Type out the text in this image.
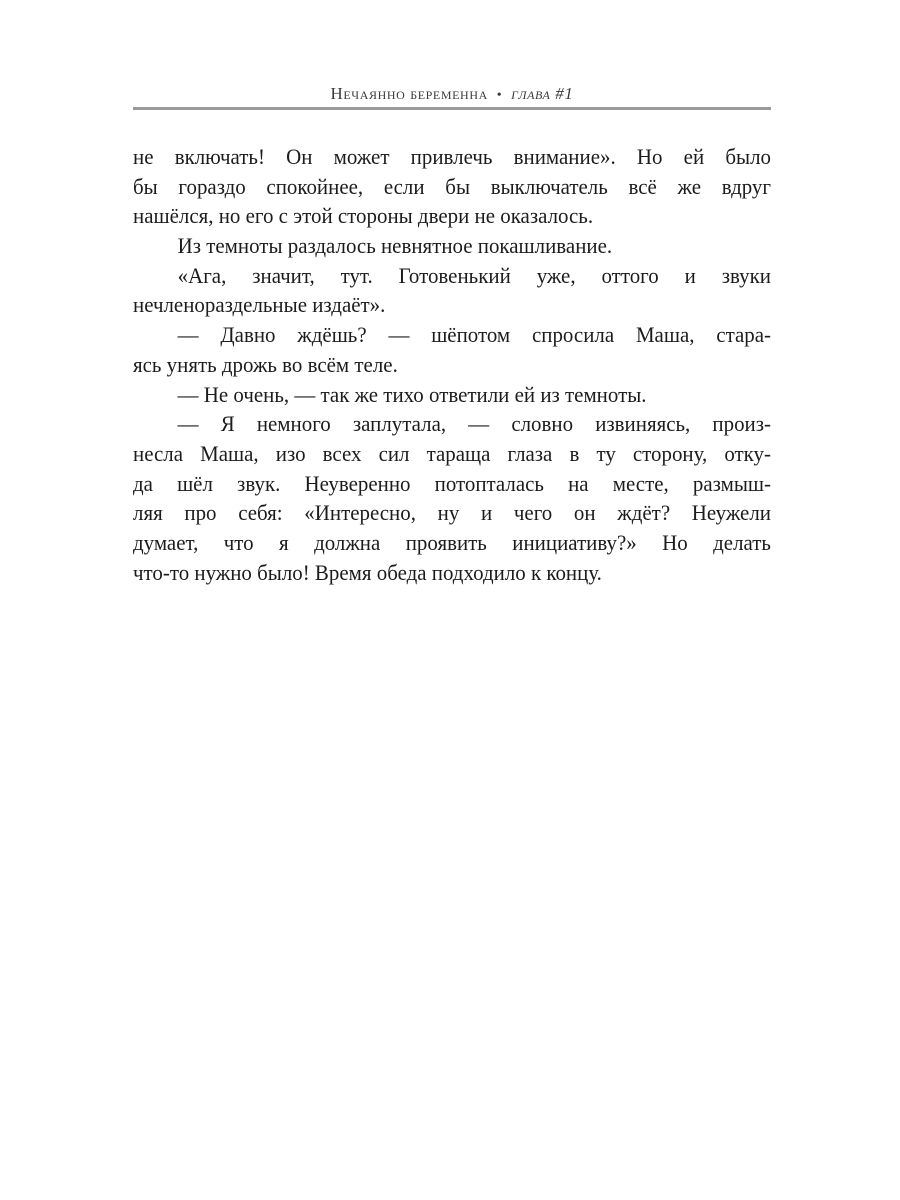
Нечаянно беременна • глава #1
не включать! Он может привлечь внимание». Но ей было
бы гораздо спокойнее, если бы выключатель всё же вдруг
нашёлся, но его с этой стороны двери не оказалось.
Из темноты раздалось невнятное покашливание.
«Ага, значит, тут. Готовенький уже, оттого и звуки
нечленораздельные издаёт».
— Давно ждёшь? — шёпотом спросила Маша, стара-
ясь унять дрожь во всём теле.
— Не очень, — так же тихо ответили ей из темноты.
— Я немного заплутала, — словно извиняясь, произ-
несла Маша, изо всех сил таращa глаза в ту сторону, отку-
да шёл звук. Неуверенно потопталась на месте, размыш-
ляя про себя: «Интересно, ну и чего он ждёт? Неужели
думает, что я должна проявить инициативу?» Но делать
что-то нужно было! Время обеда подходило к концу.
